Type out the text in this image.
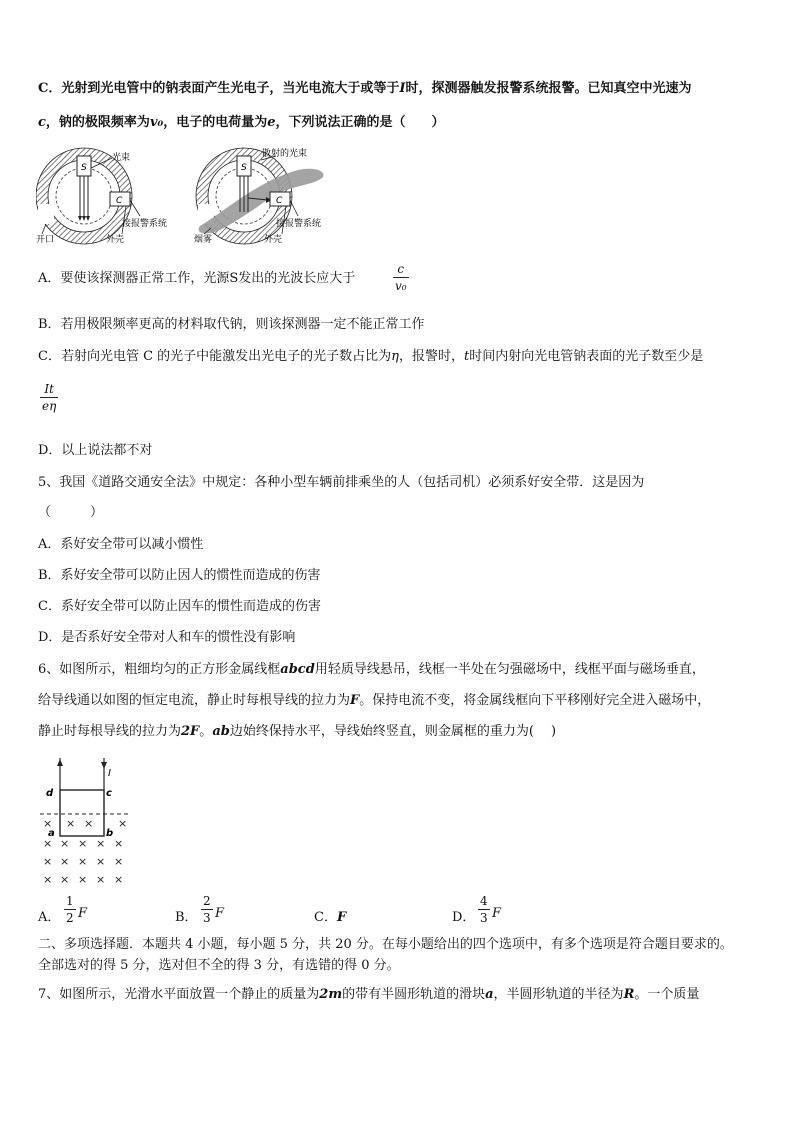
C．光射到光电管中的钠表面产生光电子，当光电流大于或等于I时，探测器触发报警系统报警。已知真空中光速为
c，钠的极限频率为v₀，电子的电荷量为e，下列说法正确的是（　　）
S
C
光束
接报警系统
开口	外壳
S
C
散射的光束
接报警系统
烟雾	外壳
A．要使该探测器正常工作，光源S发出的光波长应大于
c
v₀
B．若用极限频率更高的材料取代钠，则该探测器一定不能正常工作
C．若射向光电管 C 的光子中能激发出光电子的光子数占比为η，报警时，t时间内射向光电管钠表面的光子数至少是
It
eη
D．以上说法都不对
5、我国《道路交通安全法》中规定：各种小型车辆前排乘坐的人（包括司机）必须系好安全带．这是因为
（　　　）
A．系好安全带可以减小惯性
B．系好安全带可以防止因人的惯性而造成的伤害
C．系好安全带可以防止因车的惯性而造成的伤害
D．是否系好安全带对人和车的惯性没有影响
6、如图所示，粗细均匀的正方形金属线框abcd用轻质导线悬吊，线框一半处在匀强磁场中，线框平面与磁场垂直，
给导线通以如图的恒定电流，静止时每根导线的拉力为F。保持电流不变，将金属线框向下平移刚好完全进入磁场中，
静止时每根导线的拉力为2F。ab边始终保持水平，导线始终竖直，则金属框的重力为(　 )
I
d	c
a	b
×	× ×
×
× × × × ×
× × × × ×
× × × × ×
A．
1
2 F	B．
2
3 F	C．F	D．
4
3 F
二、多项选择题．本题共 4 小题，每小题 5 分，共 20 分。在每小题给出的四个选项中，有多个选项是符合题目要求的。
全部选对的得 5 分，选对但不全的得 3 分，有选错的得 0 分。
7、如图所示，光滑水平面放置一个静止的质量为2m的带有半圆形轨道的滑块a，半圆形轨道的半径为R。一个质量
